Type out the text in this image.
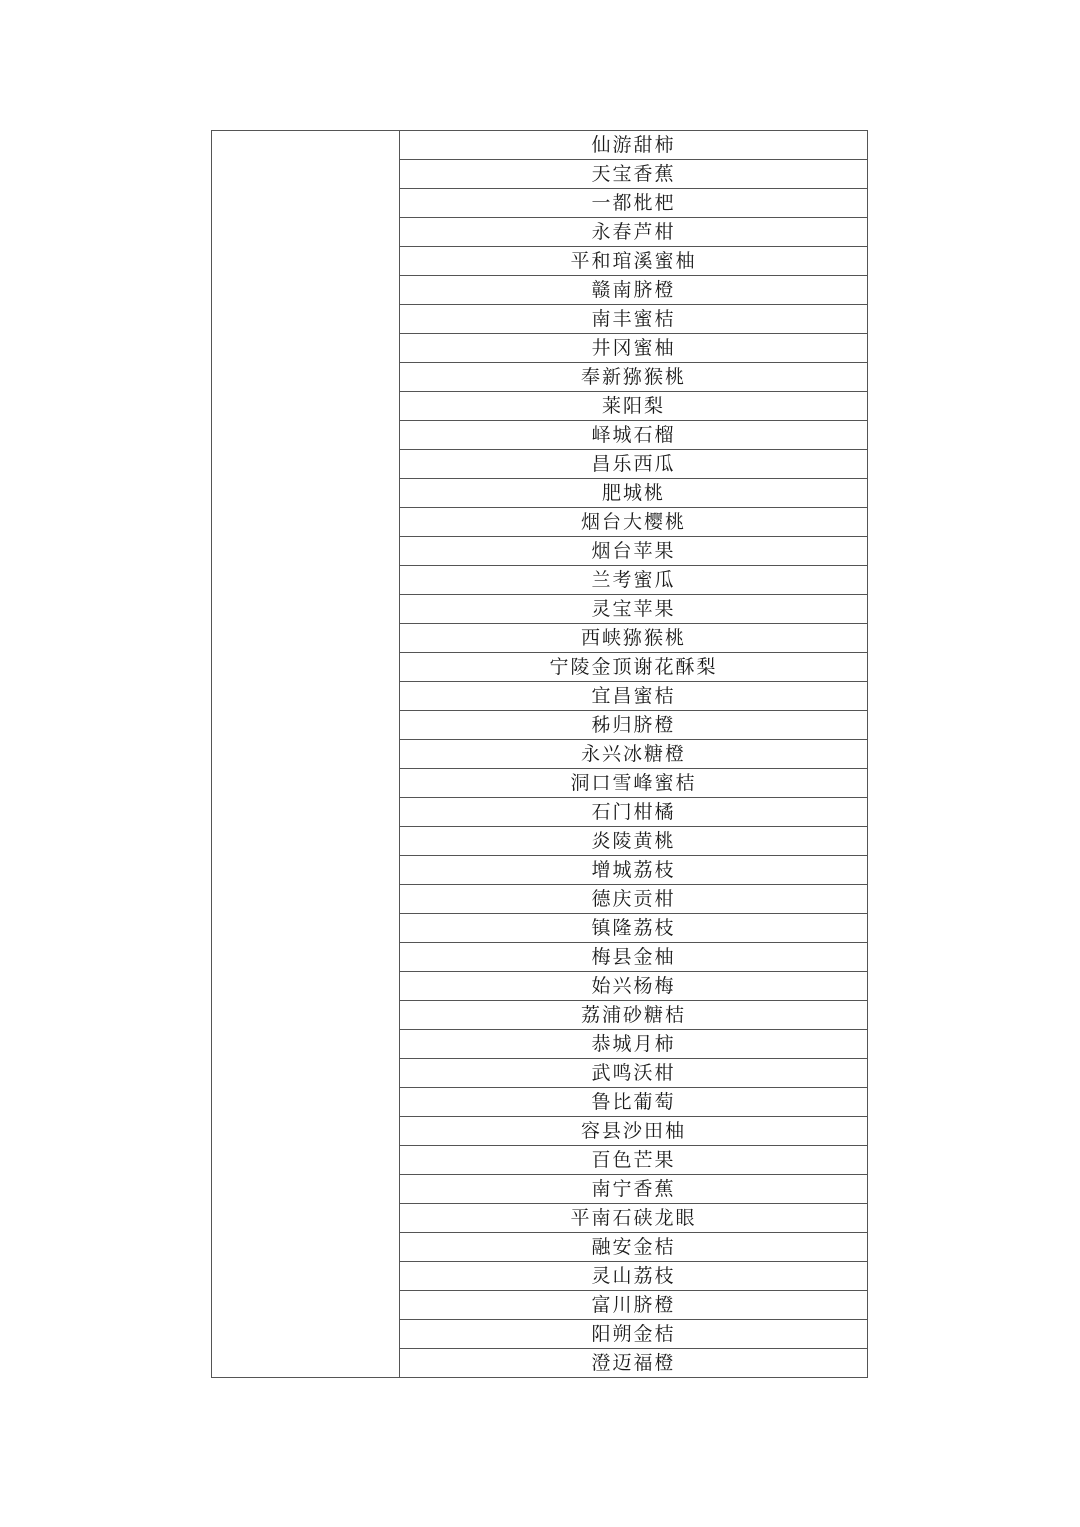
	仙游甜柿
天宝香蕉
一都枇杷
永春芦柑
平和琯溪蜜柚
赣南脐橙
南丰蜜桔
井冈蜜柚
奉新猕猴桃
莱阳梨
峄城石榴
昌乐西瓜
肥城桃
烟台大樱桃
烟台苹果
兰考蜜瓜
灵宝苹果
西峡猕猴桃
宁陵金顶谢花酥梨
宜昌蜜桔
秭归脐橙
永兴冰糖橙
洞口雪峰蜜桔
石门柑橘
炎陵黄桃
增城荔枝
德庆贡柑
镇隆荔枝
梅县金柚
始兴杨梅
荔浦砂糖桔
恭城月柿
武鸣沃柑
鲁比葡萄
容县沙田柚
百色芒果
南宁香蕉
平南石硖龙眼
融安金桔
灵山荔枝
富川脐橙
阳朔金桔
澄迈福橙
